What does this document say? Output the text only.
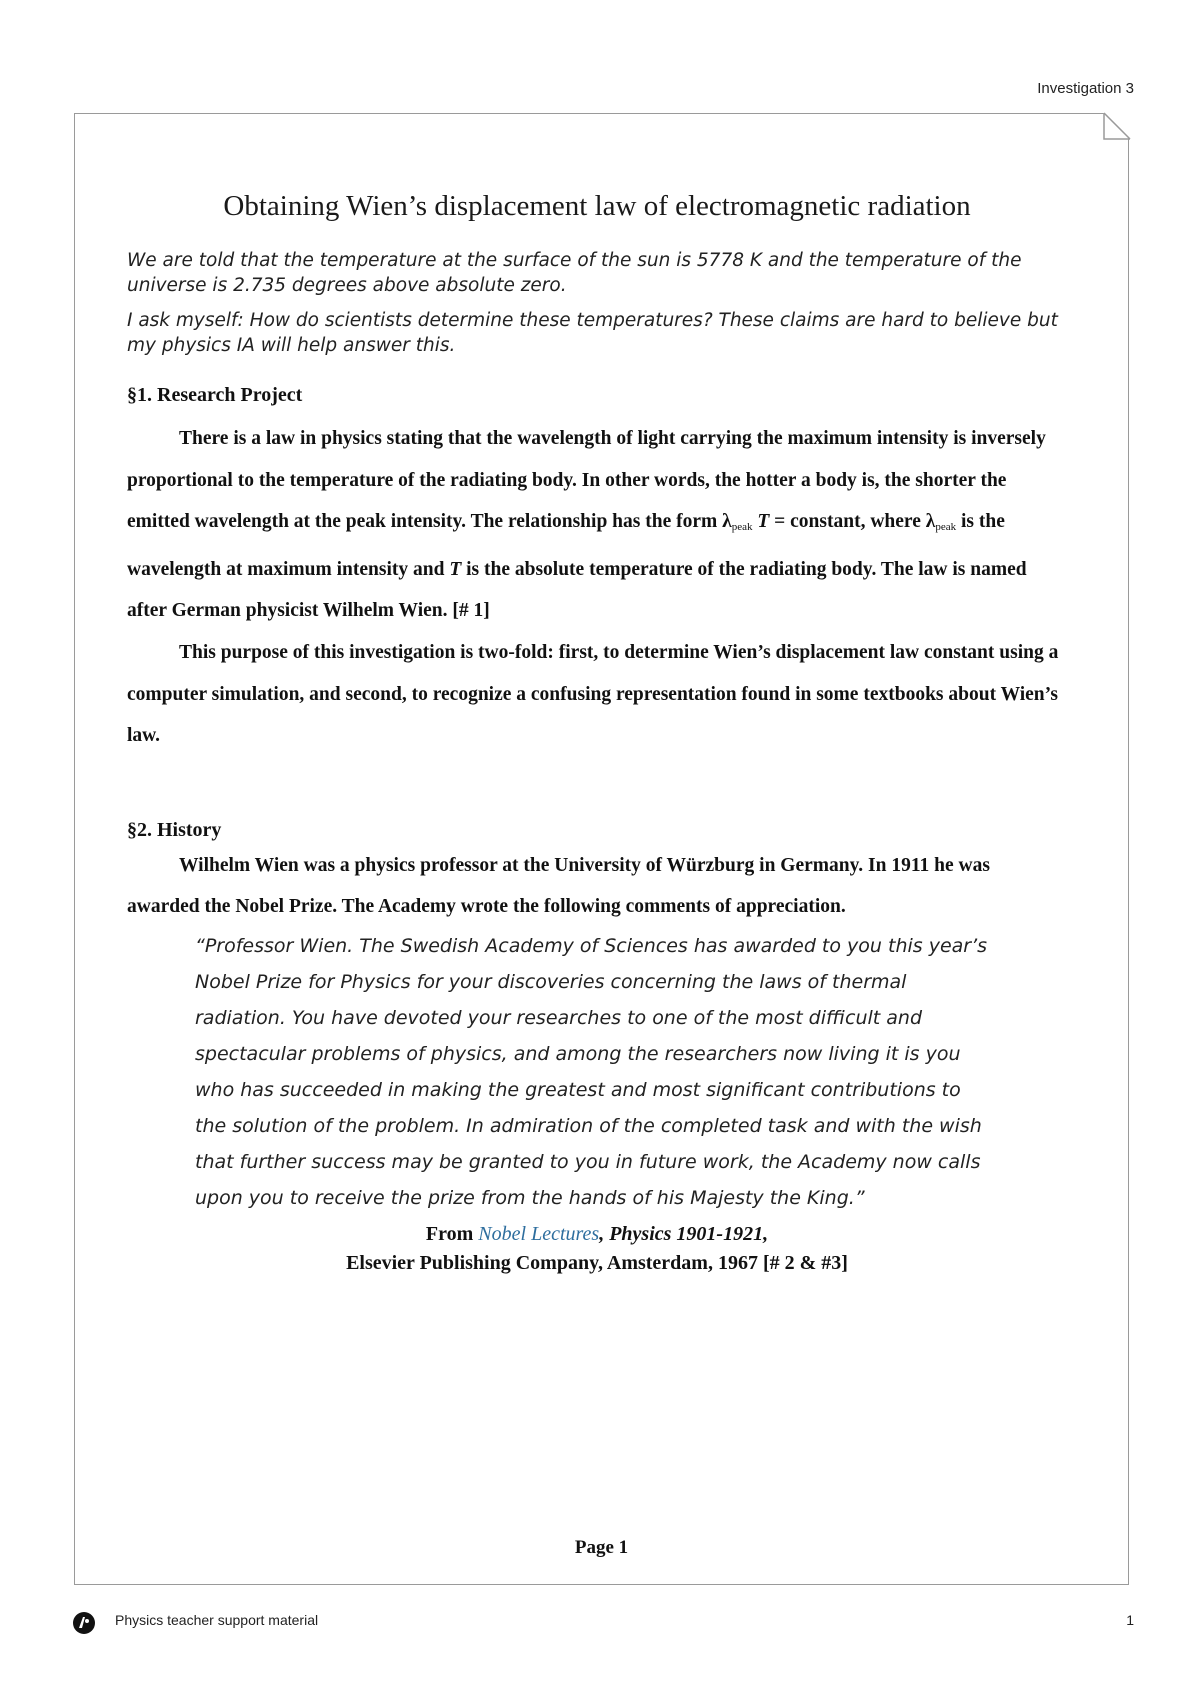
Investigation 3
Obtaining Wien’s displacement law of electromagnetic radiation

We are told that the temperature at the surface of the sun is 5778 K and the temperature of the universe is 2.735 degrees above absolute zero.

I ask myself: How do scientists determine these temperatures? These claims are hard to believe but my physics IA will help answer this.

§1. Research Project

There is a law in physics stating that the wavelength of light carrying the maximum intensity is inversely proportional to the temperature of the radiating body. In other words, the hotter a body is, the shorter the emitted wavelength at the peak intensity. The relationship has the form $\lambda_{peak}$ T = constant, where $\lambda_{peak}$ is the wavelength at maximum intensity and T is the absolute temperature of the radiating body. The law is named after German physicist Wilhelm Wien. [# 1]

This purpose of this investigation is two-fold: first, to determine Wien’s displacement law constant using a computer simulation, and second, to recognize a confusing representation found in some textbooks about Wien’s law.

§2. History

Wilhelm Wien was a physics professor at the University of Würzburg in Germany. In 1911 he was awarded the Nobel Prize. The Academy wrote the following comments of appreciation.

“Professor Wien. The Swedish Academy of Sciences has awarded to you this year’s Nobel Prize for Physics for your discoveries concerning the laws of thermal radiation. You have devoted your researches to one of the most difficult and spectacular problems of physics, and among the researchers now living it is you who has succeeded in making the greatest and most significant contributions to the solution of the problem. In admiration of the completed task and with the wish that further success may be granted to you in future work, the Academy now calls upon you to receive the prize from the hands of his Majesty the King.”

From Nobel Lectures, Physics 1901-1921,
Elsevier Publishing Company, Amsterdam, 1967 [# 2 & #3]
Page 1
Physics teacher support material	1
